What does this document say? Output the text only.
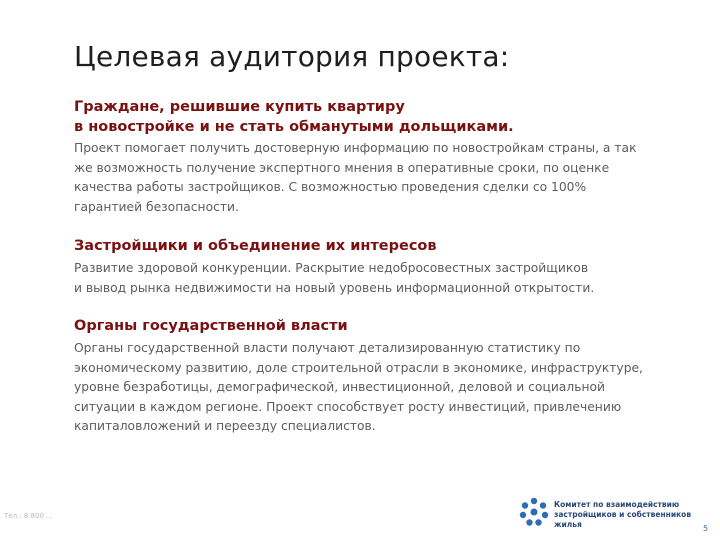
Целевая аудитория проекта:
Граждане, решившие купить квартиру
в новостройке и не стать обманутыми дольщиками.
Проект помогает получить достоверную информацию по новостройкам страны, а так
же возможность получение экспертного мнения в оперативные сроки, по оценке
качества работы застройщиков. С возможностью проведения сделки со 100%
гарантией безопасности.
Застройщики и объединение их интересов
Развитие здоровой конкуренции. Раскрытие недобросовестных застройщиков
и вывод рынка недвижимости на новый уровень информационной открытости.
Органы государственной власти
Органы государственной власти получают детализированную статистику по
экономическому развитию, доле строительной отрасли в экономике, инфраструктуре,
уровне безработицы, демографической, инвестиционной, деловой и социальной
ситуации в каждом регионе. Проект способствует росту инвестиций, привлечению
капиталовложений и переезду специалистов.
Тел.: 8 800 ...
Комитет по взаимодействию
застройщиков и собственников жилья	5
